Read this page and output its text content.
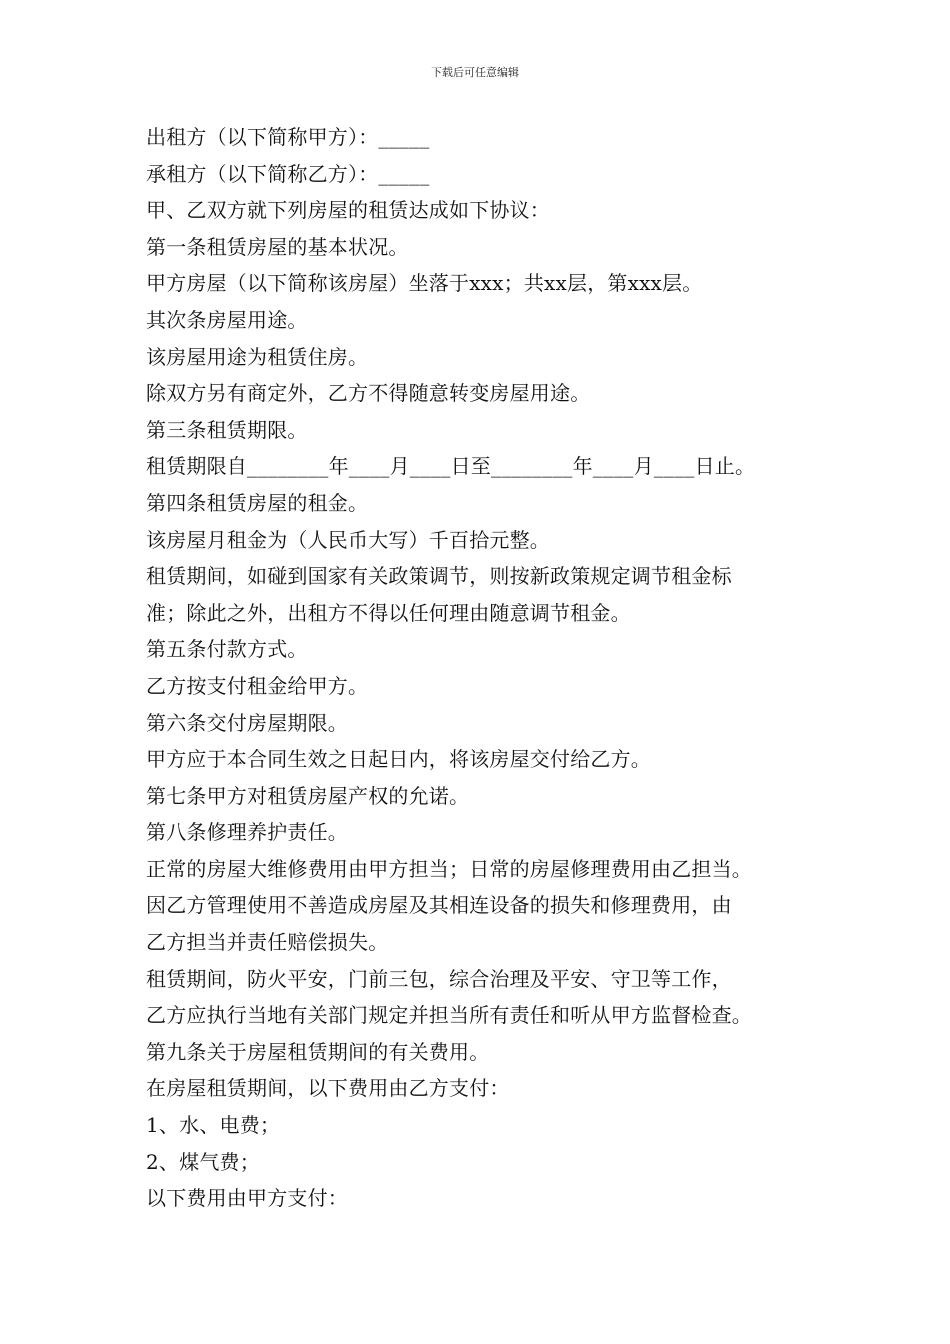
下载后可任意编辑
出租方（以下简称甲方）：_____
承租方（以下简称乙方）：_____
甲、乙双方就下列房屋的租赁达成如下协议：
第一条租赁房屋的基本状况。
甲方房屋（以下简称该房屋）坐落于xxx；共xx层，第xxx层。
其次条房屋用途。
该房屋用途为租赁住房。
除双方另有商定外，乙方不得随意转变房屋用途。
第三条租赁期限。
租赁期限自________年____月____日至________年____月____日止。
第四条租赁房屋的租金。
该房屋月租金为（人民币大写）千百拾元整。
租赁期间，如碰到国家有关政策调节，则按新政策规定调节租金标
准；除此之外，出租方不得以任何理由随意调节租金。
第五条付款方式。
乙方按支付租金给甲方。
第六条交付房屋期限。
甲方应于本合同生效之日起日内，将该房屋交付给乙方。
第七条甲方对租赁房屋产权的允诺。
第八条修理养护责任。
正常的房屋大维修费用由甲方担当；日常的房屋修理费用由乙担当。
因乙方管理使用不善造成房屋及其相连设备的损失和修理费用，由
乙方担当并责任赔偿损失。
租赁期间，防火平安，门前三包，综合治理及平安、守卫等工作，
乙方应执行当地有关部门规定并担当所有责任和听从甲方监督检查。
第九条关于房屋租赁期间的有关费用。
在房屋租赁期间，以下费用由乙方支付：
1、水、电费；
2、煤气费；
以下费用由甲方支付：
